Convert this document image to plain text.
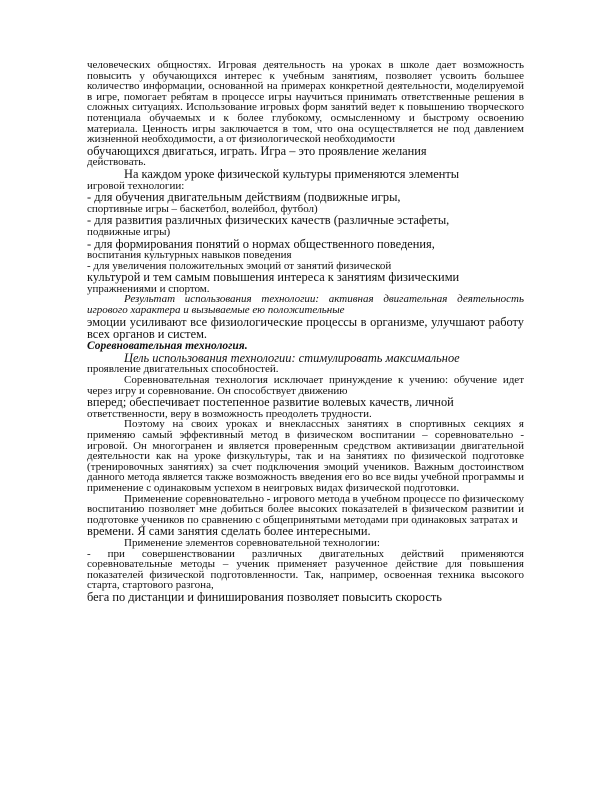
человеческих общностях. Игровая деятельность на уроках в школе дает возможность повысить у обучающихся интерес к учебным занятиям, позволяет усвоить большее количество информации, основанной на примерах конкретной деятельности, моделируемой в игре, помогает ребятам в процессе игры научиться принимать ответственные решения в сложных ситуациях. Использование игровых форм занятий ведет к повышению творческого потенциала обучаемых и к более глубокому, осмысленному и быстрому освоению материала. Ценность игры заключается в том, что она осуществляется не под давлением жизненной необходимости, а от физиологической необходимости

обучающихся двигаться, играть. Игра – это проявление желания

действовать.

На каждом уроке физической культуры применяются элементы

игровой технологии:

- для обучения двигательным действиям (подвижные игры,

спортивные игры – баскетбол, волейбол, футбол)

- для развития различных физических качеств (различные эстафеты,

подвижные игры)

- для формирования понятий о нормах общественного поведения,

воспитания культурных навыков поведения

- для увеличения положительных эмоций от занятий физической

культурой и тем самым повышения интереса к занятиям физическими

упражнениями и спортом.

Результат использования технологии: активная двигательная деятельность игрового характера и вызываемые ею положительные

эмоции усиливают все физиологические процессы в организме, улучшают работу всех органов и систем.

Соревновательная технология.

Цель использования технологии: стимулировать максимальное

проявление двигательных способностей.

Соревновательная технология исключает принуждение к учению: обучение идет через игру и соревнование. Он способствует движению

вперед; обеспечивает постепенное развитие волевых качеств, личной

ответственности, веру в возможность преодолеть трудности.

Поэтому на своих уроках и внеклассных занятиях в спортивных секциях я применяю самый эффективный метод в физическом воспитании – соревновательно - игровой. Он многогранен и является проверенным средством активизации двигательной деятельности как на уроке физкультуры, так и на занятиях по физической подготовке (тренировочных занятиях) за счет подключения эмоций учеников. Важным достоинством данного метода является также возможность введения его во все виды учебной программы и применение с одинаковым успехом в неигровых видах физической подготовки.

Применение соревновательно - игрового метода в учебном процессе по физическому воспитанию позволяет мне добиться более высоких показателей в физическом развитии и подготовке учеников по сравнению с общепринятыми методами при одинаковых затратах и

времени. Я сами занятия сделать более интересными.

Применение элементов соревновательной технологии:

- при совершенствовании различных двигательных действий применяются соревновательные методы – ученик применяет разученное действие для повышения показателей физической подготовленности. Так, например, освоенная техника высокого старта, стартового разгона,

бега по дистанции и финиширования позволяет повысить скорость
